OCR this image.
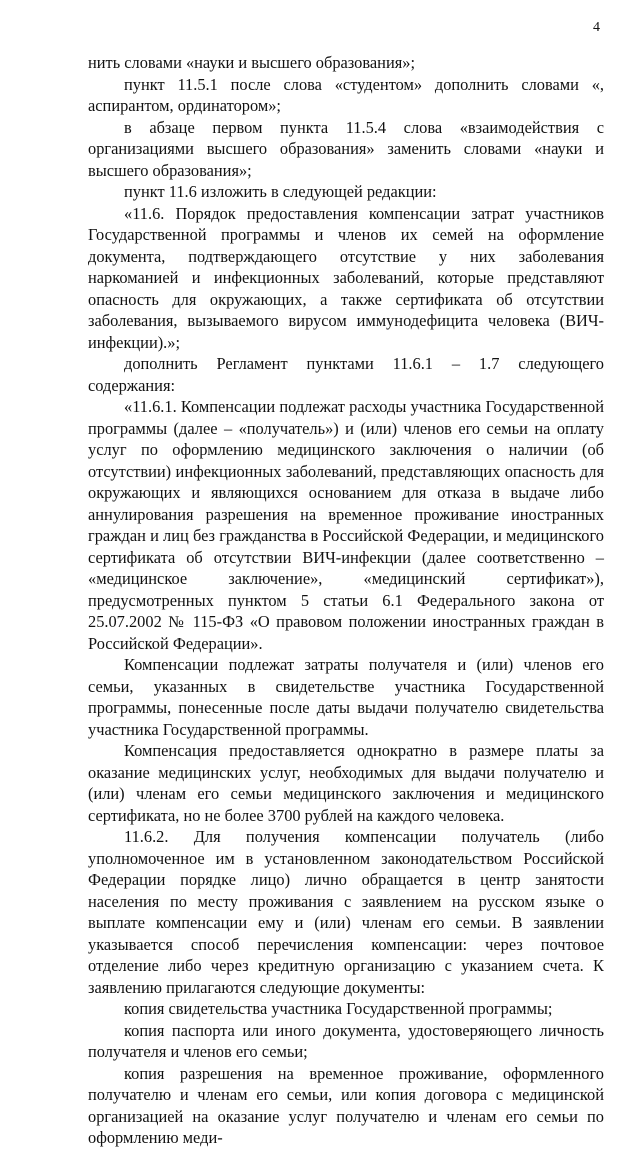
4

нить словами «науки и высшего образования»;

пункт 11.5.1 после слова «студентом» дополнить словами «, аспирантом, ординатором»;

в абзаце первом пункта 11.5.4 слова «взаимодействия с организациями высшего образования» заменить словами «науки и высшего образования»;

пункт 11.6 изложить в следующей редакции:

«11.6. Порядок предоставления компенсации затрат участников Государственной программы и членов их семей на оформление документа, подтверждающего отсутствие у них заболевания наркоманией и инфекционных заболеваний, которые представляют опасность для окружающих, а также сертификата об отсутствии заболевания, вызываемого вирусом иммунодефицита человека (ВИЧ-инфекции).»;

дополнить Регламент пунктами 11.6.1 – 1.7 следующего содержания:

«11.6.1. Компенсации подлежат расходы участника Государственной программы (далее – «получатель») и (или) членов его семьи на оплату услуг по оформлению медицинского заключения о наличии (об отсутствии) инфекционных заболеваний, представляющих опасность для окружающих и являющихся основанием для отказа в выдаче либо аннулирования разрешения на временное проживание иностранных граждан и лиц без гражданства в Российской Федерации, и медицинского сертификата об отсутствии ВИЧ-инфекции (далее соответственно – «медицинское заключение», «медицинский сертификат»), предусмотренных пунктом 5 статьи 6.1 Федерального закона от 25.07.2002 № 115-ФЗ «О правовом положении иностранных граждан в Российской Федерации».

Компенсации подлежат затраты получателя и (или) членов его семьи, указанных в свидетельстве участника Государственной программы, понесенные после даты выдачи получателю свидетельства участника Государственной программы.

Компенсация предоставляется однократно в размере платы за оказание медицинских услуг, необходимых для выдачи получателю и (или) членам его семьи медицинского заключения и медицинского сертификата, но не более 3700 рублей на каждого человека.

11.6.2. Для получения компенсации получатель (либо уполномоченное им в установленном законодательством Российской Федерации порядке лицо) лично обращается в центр занятости населения по месту проживания с заявлением на русском языке о выплате компенсации ему и (или) членам его семьи. В заявлении указывается способ перечисления компенсации: через почтовое отделение либо через кредитную организацию с указанием счета. К заявлению прилагаются следующие документы:

копия свидетельства участника Государственной программы;

копия паспорта или иного документа, удостоверяющего личность получателя и членов его семьи;

копия разрешения на временное проживание, оформленного получателю и членам его семьи, или копия договора с медицинской организацией на оказание услуг получателю и членам его семьи по оформлению меди-
